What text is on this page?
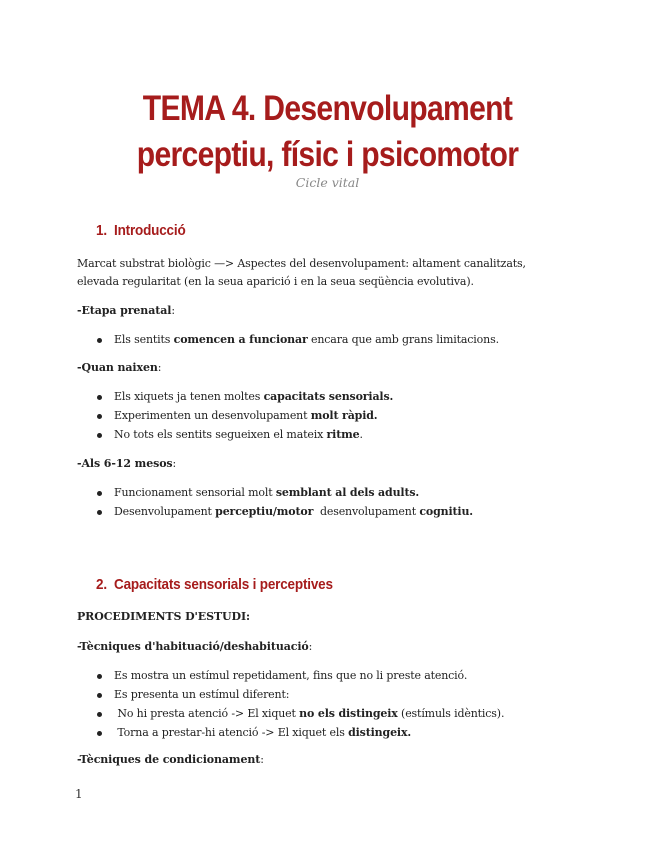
TEMA 4. Desenvolupament
perceptiu, físic i psicomotor
Cicle vital
1. Introducció
Marcat substrat biològic —> Aspectes del desenvolupament: altament canalitzats,
elevada regularitat (en la seua aparició i en la seua seqüència evolutiva).
-Etapa prenatal:
Els sentits comencen a funcionar encara que amb grans limitacions.
-Quan naixen:
Els xiquets ja tenen moltes capacitats sensorials.
Experimenten un desenvolupament molt ràpid.
No tots els sentits segueixen el mateix ritme.
-Als 6-12 mesos:
Funcionament sensorial molt semblant al dels adults.
Desenvolupament perceptiu/motor  desenvolupament cognitiu.
2. Capacitats sensorials i perceptives
PROCEDIMENTS D'ESTUDI:
-Tècniques d'habituació/deshabituació:
Es mostra un estímul repetidament, fins que no li preste atenció.
Es presenta un estímul diferent:
No hi presta atenció -> El xiquet no els distingeix (estímuls idèntics).
Torna a prestar-hi atenció -> El xiquet els distingeix.
-Tècniques de condicionament:
1
